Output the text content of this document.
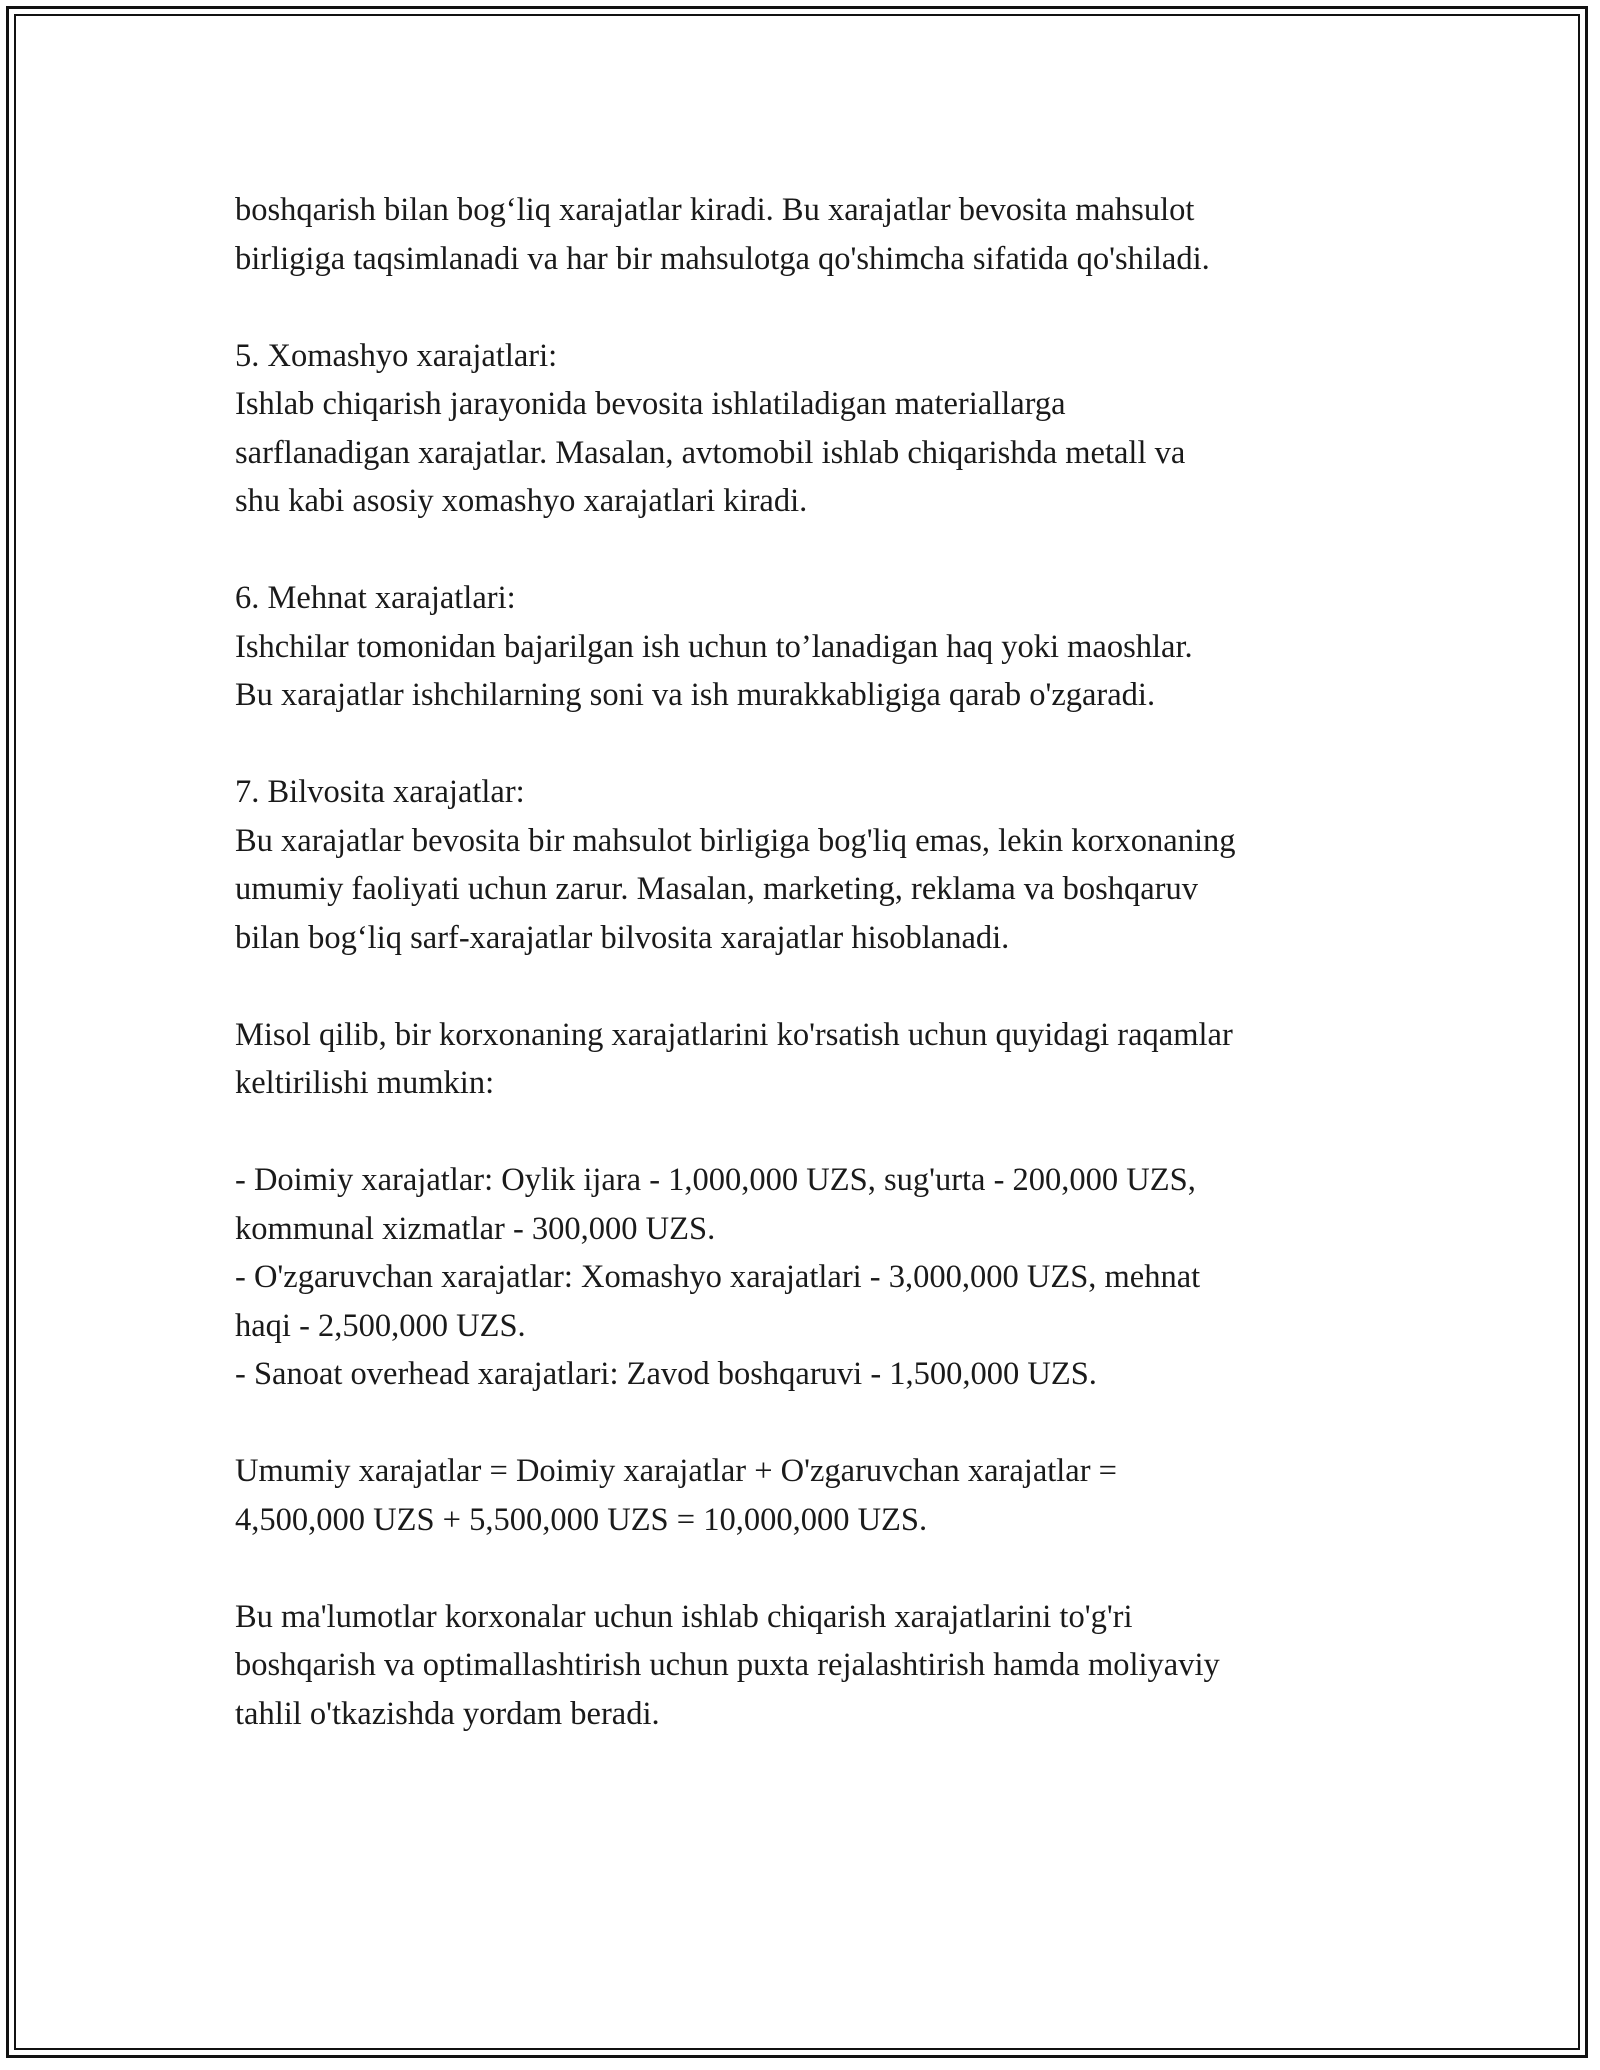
boshqarish bilan bog‘liq xarajatlar kiradi. Bu xarajatlar bevosita mahsulot
birligiga taqsimlanadi va har bir mahsulotga qo'shimcha sifatida qo'shiladi.
5. Xomashyo xarajatlari:
Ishlab chiqarish jarayonida bevosita ishlatiladigan materiallarga
sarflanadigan xarajatlar. Masalan, avtomobil ishlab chiqarishda metall va
shu kabi asosiy xomashyo xarajatlari kiradi.
6. Mehnat xarajatlari:
Ishchilar tomonidan bajarilgan ish uchun to’lanadigan haq yoki maoshlar.
Bu xarajatlar ishchilarning soni va ish murakkabligiga qarab o'zgaradi.
7. Bilvosita xarajatlar:
Bu xarajatlar bevosita bir mahsulot birligiga bog'liq emas, lekin korxonaning
umumiy faoliyati uchun zarur. Masalan, marketing, reklama va boshqaruv
bilan bog‘liq sarf-xarajatlar bilvosita xarajatlar hisoblanadi.
Misol qilib, bir korxonaning xarajatlarini ko'rsatish uchun quyidagi raqamlar
keltirilishi mumkin:
- Doimiy xarajatlar: Oylik ijara - 1,000,000 UZS, sug'urta - 200,000 UZS,
kommunal xizmatlar - 300,000 UZS.
- O'zgaruvchan xarajatlar: Xomashyo xarajatlari - 3,000,000 UZS, mehnat
haqi - 2,500,000 UZS.
- Sanoat overhead xarajatlari: Zavod boshqaruvi - 1,500,000 UZS.
Umumiy xarajatlar = Doimiy xarajatlar + O'zgaruvchan xarajatlar =
4,500,000 UZS + 5,500,000 UZS = 10,000,000 UZS.
Bu ma'lumotlar korxonalar uchun ishlab chiqarish xarajatlarini to'g'ri
boshqarish va optimallashtirish uchun puxta rejalashtirish hamda moliyaviy
tahlil o'tkazishda yordam beradi.
